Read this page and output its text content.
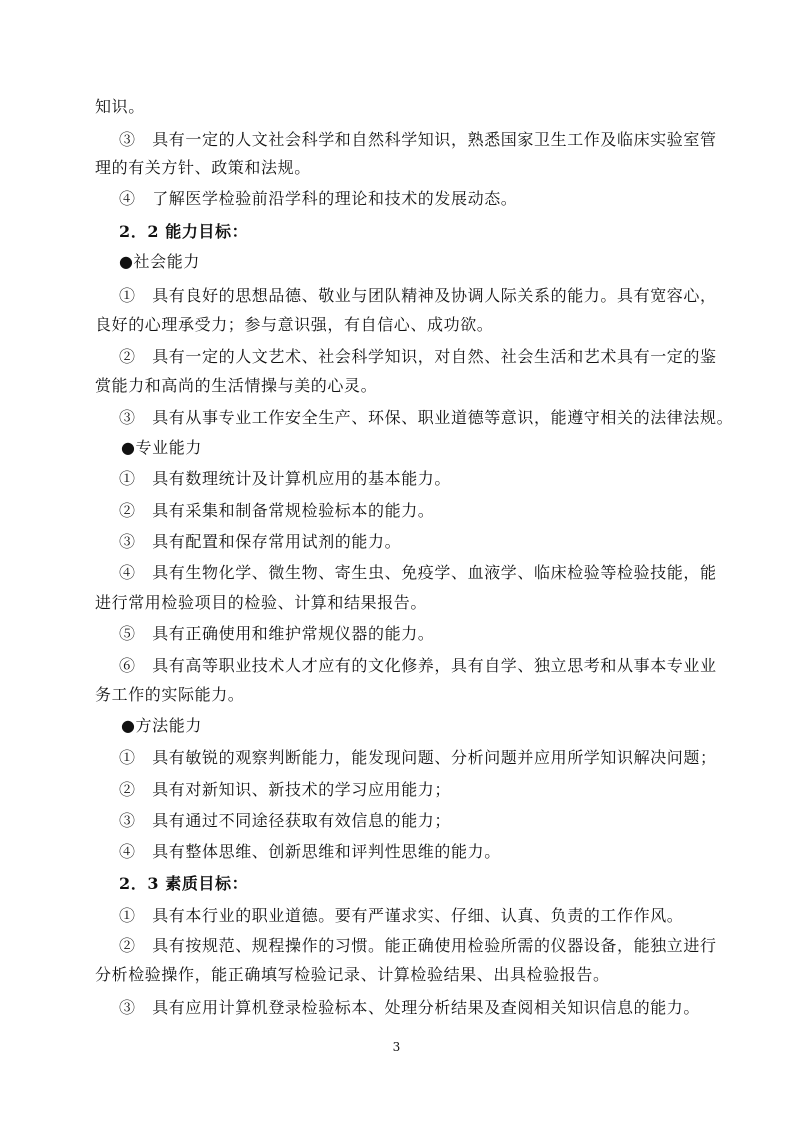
知识。
③　具有一定的人文社会科学和自然科学知识，熟悉国家卫生工作及临床实验室管
理的有关方针、政策和法规。
④　了解医学检验前沿学科的理论和技术的发展动态。
2．2 能力目标：
●社会能力
①　具有良好的思想品德、敬业与团队精神及协调人际关系的能力。具有宽容心，
良好的心理承受力；参与意识强，有自信心、成功欲。
②　具有一定的人文艺术、社会科学知识，对自然、社会生活和艺术具有一定的鉴
赏能力和高尚的生活情操与美的心灵。
③　具有从事专业工作安全生产、环保、职业道德等意识，能遵守相关的法律法规。
●专业能力
①　具有数理统计及计算机应用的基本能力。
②　具有采集和制备常规检验标本的能力。
③　具有配置和保存常用试剂的能力。
④　具有生物化学、微生物、寄生虫、免疫学、血液学、临床检验等检验技能，能
进行常用检验项目的检验、计算和结果报告。
⑤　具有正确使用和维护常规仪器的能力。
⑥　具有高等职业技术人才应有的文化修养，具有自学、独立思考和从事本专业业
务工作的实际能力。
●方法能力
①　具有敏锐的观察判断能力，能发现问题、分析问题并应用所学知识解决问题；
②　具有对新知识、新技术的学习应用能力；
③　具有通过不同途径获取有效信息的能力；
④　具有整体思维、创新思维和评判性思维的能力。
2．3 素质目标：
①　具有本行业的职业道德。要有严谨求实、仔细、认真、负责的工作作风。
②　具有按规范、规程操作的习惯。能正确使用检验所需的仪器设备，能独立进行
分析检验操作，能正确填写检验记录、计算检验结果、出具检验报告。
③　具有应用计算机登录检验标本、处理分析结果及查阅相关知识信息的能力。
3
